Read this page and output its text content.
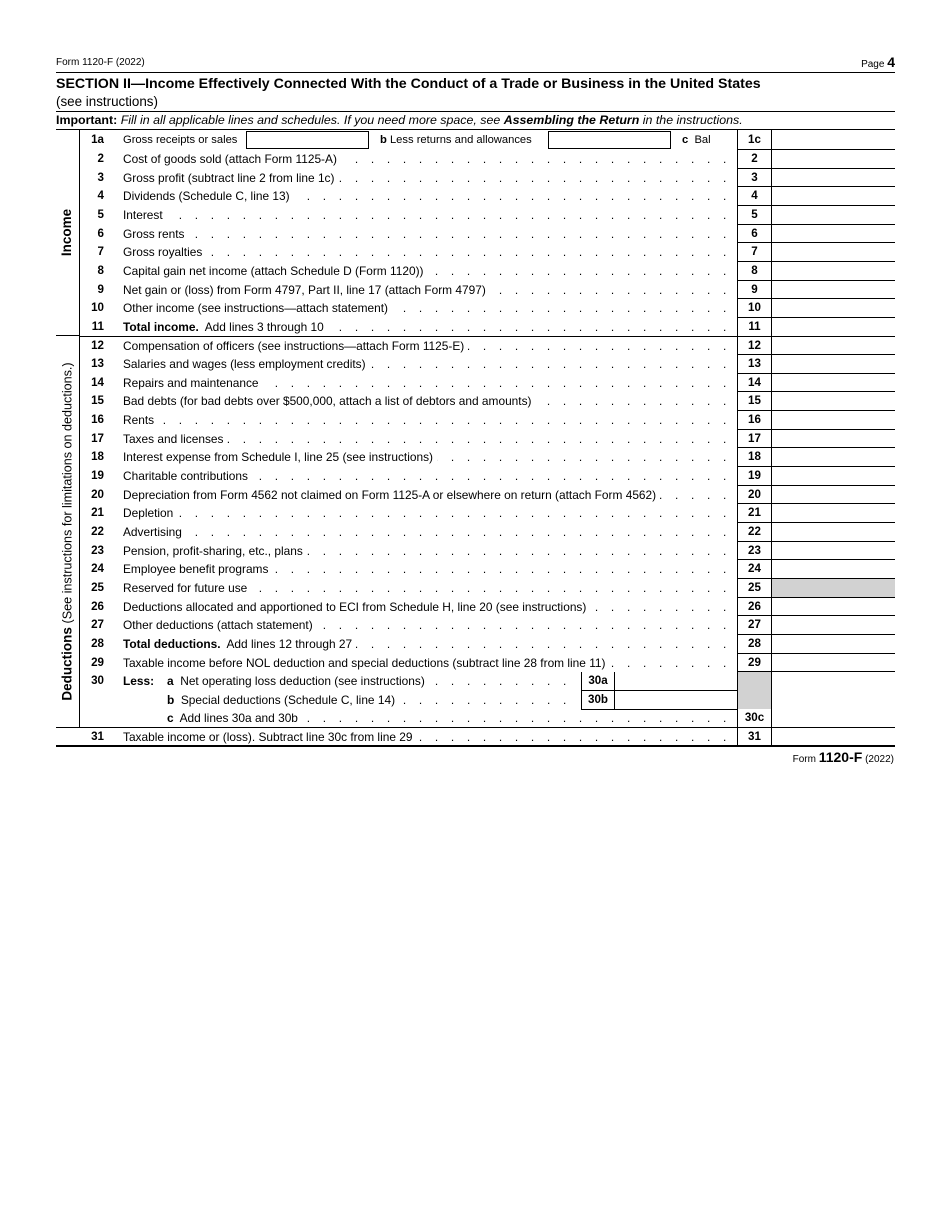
Form 1120-F (2022)	Page 4
SECTION II—Income Effectively Connected With the Conduct of a Trade or Business in the United States
(see instructions)
Important: Fill in all applicable lines and schedules. If you need more space, see Assembling the Return in the instructions.
Income
Deductions (See instructions for limitations on deductions.)
1a Gross receipts or sales	b Less returns and allowances	c Bal	1c
2 Cost of goods sold (attach Form 1125-A) . . .	2
3 Gross profit (subtract line 2 from line 1c) . . .	3
4 Dividends (Schedule C, line 13) . . .	4
5 Interest . . .	5
6 Gross rents . . .	6
7 Gross royalties . . .	7
8 Capital gain net income (attach Schedule D (Form 1120)) . . .	8
9 Net gain or (loss) from Form 4797, Part II, line 17 (attach Form 4797) . . .	9
10 Other income (see instructions—attach statement) . . .	10
11 Total income. Add lines 3 through 10 . . .	11
12 Compensation of officers (see instructions—attach Form 1125-E) . . .	12
13 Salaries and wages (less employment credits) . . .	13
14 Repairs and maintenance . . .	14
15 Bad debts (for bad debts over $500,000, attach a list of debtors and amounts) . . .	15
16 Rents . . .	16
17 Taxes and licenses . . .	17
18 Interest expense from Schedule I, line 25 (see instructions) . . .	18
19 Charitable contributions . . .	19
20 Depreciation from Form 4562 not claimed on Form 1125-A or elsewhere on return (attach Form 4562) . . .	20
21 Depletion . . .	21
22 Advertising . . .	22
23 Pension, profit-sharing, etc., plans . . .	23
24 Employee benefit programs . . .	24
25 Reserved for future use . . .	25
26 Deductions allocated and apportioned to ECI from Schedule H, line 20 (see instructions) . . .	26
27 Other deductions (attach statement) . . .	27
28 Total deductions. Add lines 12 through 27 . . .	28
29 Taxable income before NOL deduction and special deductions (subtract line 28 from line 11) . . .	29
30 Less: a Net operating loss deduction (see instructions) . . .	30a
b Special deductions (Schedule C, line 14) . . .	30b
c Add lines 30a and 30b . . .	30c
31 Taxable income or (loss). Subtract line 30c from line 29 . . .	31
Form 1120-F (2022)
